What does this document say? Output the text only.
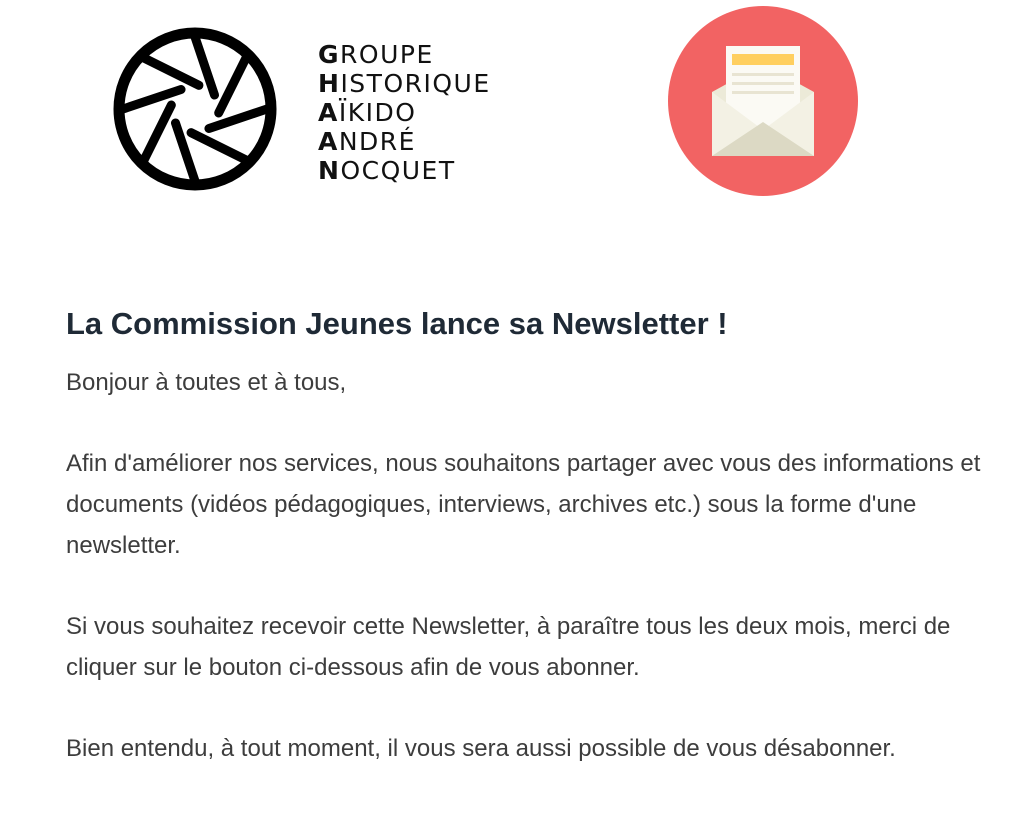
GROUPE
HISTORIQUE
AÏKIDO
ANDRÉ
NOCQUET
La Commission Jeunes lance sa Newsletter !

Bonjour à toutes et à tous,

Afin d'améliorer nos services, nous souhaitons partager avec vous des informations et documents (vidéos pédagogiques, interviews, archives etc.) sous la forme d'une newsletter.

Si vous souhaitez recevoir cette Newsletter, à paraître tous les deux mois, merci de cliquer sur le bouton ci-dessous afin de vous abonner.

Bien entendu, à tout moment, il vous sera aussi possible de vous désabonner.
